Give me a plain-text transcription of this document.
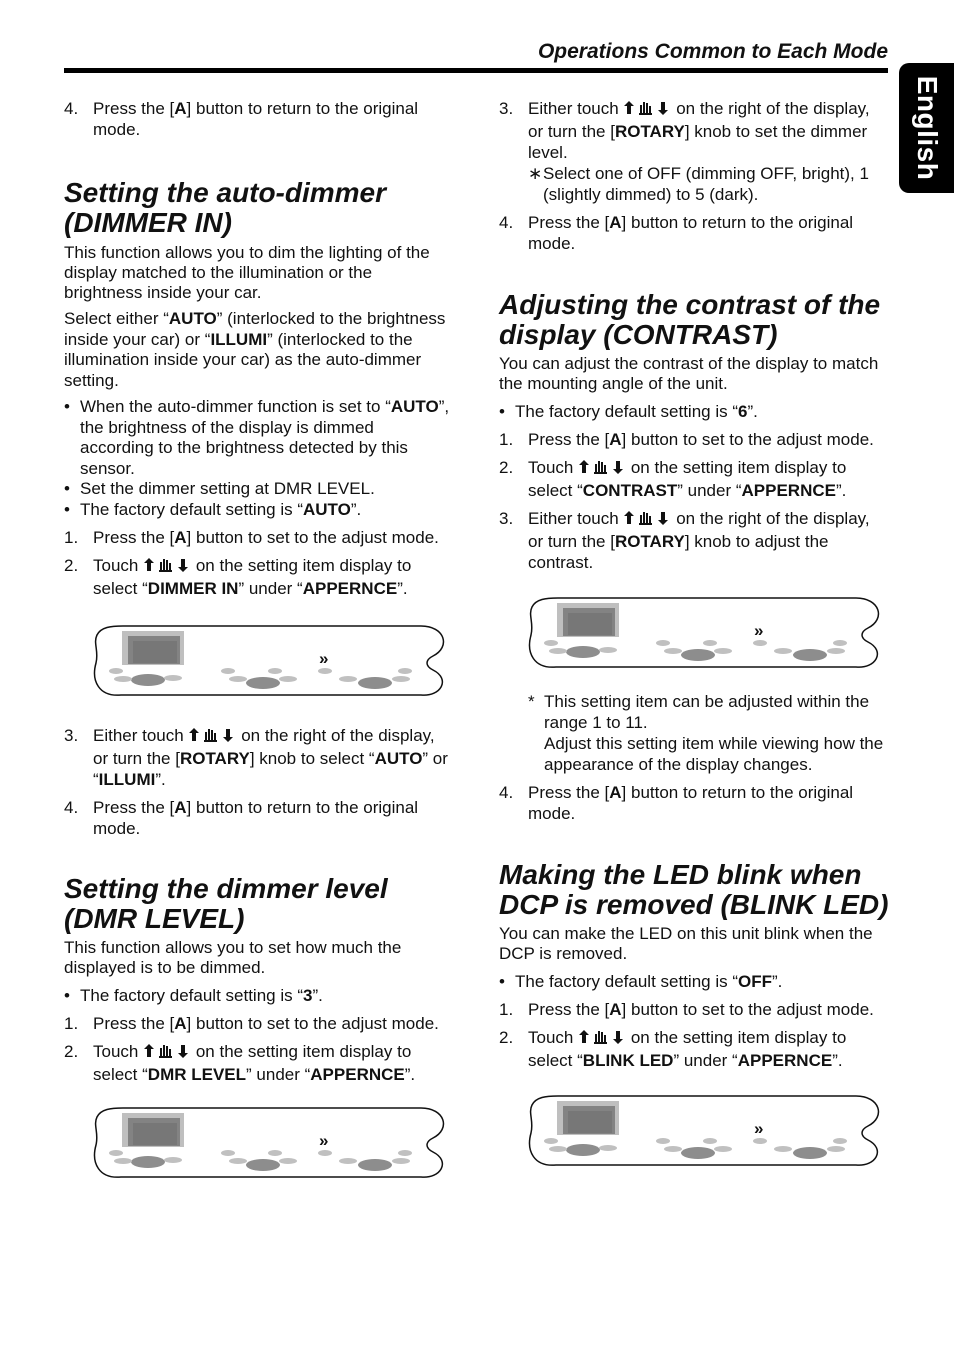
Operations Common to Each Mode
English
4. Press the [A] button to return to the original mode.
Setting the auto-dimmer
(DIMMER IN)

This function allows you to dim the lighting of the display matched to the illumination or the brightness inside your car.

Select either “AUTO” (interlocked to the brightness inside your car) or “ILLUMI” (interlocked to the illumination inside your car) as the auto-dimmer setting.

• When the auto-dimmer function is set to “AUTO”, the brightness of the display is dimmed according to the brightness detected by this sensor.
• Set the dimmer setting at DMR LEVEL.
• The factory default setting is “AUTO”.
1. Press the [A] button to set to the adjust mode.
2. Touch	on the setting item display to select “DIMMER IN” under “APPERNCE”.
»
3. Either touch	on the right of the display, or turn the [ROTARY] knob to select “AUTO” or “ILLUMI”.
4. Press the [A] button to return to the original mode.
Setting the dimmer level
(DMR LEVEL)

This function allows you to set how much the displayed is to be dimmed.

• The factory default setting is “3”.
1. Press the [A] button to set to the adjust mode.
2. Touch	on the setting item display to select “DMR LEVEL” under “APPERNCE”.
»
3. Either touch	on the right of the display, or turn the [ROTARY] knob to set the dimmer level.
∗ Select one of OFF (dimming OFF, bright), 1 (slightly dimmed) to 5 (dark).
4. Press the [A] button to return to the original mode.
Adjusting the contrast of the
display (CONTRAST)

You can adjust the contrast of the display to match the mounting angle of the unit.

• The factory default setting is “6”.
1. Press the [A] button to set to the adjust mode.
2. Touch	on the setting item display to select “CONTRAST” under “APPERNCE”.
3. Either touch	on the right of the display, or turn the [ROTARY] knob to adjust the contrast.
»
* This setting item can be adjusted within the range 1 to 11.
Adjust this setting item while viewing how the appearance of the display changes.
4. Press the [A] button to return to the original mode.
Making the LED blink when
DCP is removed (BLINK LED)

You can make the LED on this unit blink when the DCP is removed.

• The factory default setting is “OFF”.
1. Press the [A] button to set to the adjust mode.
2. Touch	on the setting item display to select “BLINK LED” under “APPERNCE”.
»
